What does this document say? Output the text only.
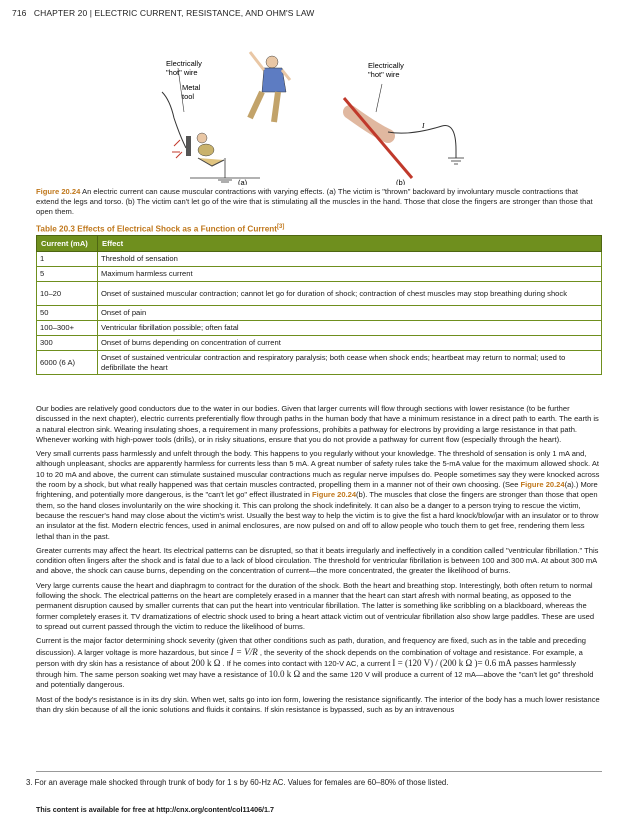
716 CHAPTER 20 | ELECTRIC CURRENT, RESISTANCE, AND OHM'S LAW
Electrically
"hot" wire
Metal
tool
(a)
Electrically
"hot" wire
I
(b)
Figure 20.24 An electric current can cause muscular contractions with varying effects. (a) The victim is "thrown" backward by involuntary muscle contractions that extend the legs and torso. (b) The victim can't let go of the wire that is stimulating all the muscles in the hand. Those that close the fingers are stronger than those that open them.
Table 20.3 Effects of Electrical Shock as a Function of Current[3]
Current (mA)	Effect
1	Threshold of sensation
5	Maximum harmless current
10–20	Onset of sustained muscular contraction; cannot let go for duration of shock; contraction of chest muscles may stop breathing during shock
50	Onset of pain
100–300+	Ventricular fibrillation possible; often fatal
300	Onset of burns depending on concentration of current
6000 (6 A)	Onset of sustained ventricular contraction and respiratory paralysis; both cease when shock ends; heartbeat may return to normal; used to defibrillate the heart

Our bodies are relatively good conductors due to the water in our bodies. Given that larger currents will flow through sections with lower resistance (to be further discussed in the next chapter), electric currents preferentially flow through paths in the human body that have a minimum resistance in a direct path to earth. The earth is a natural electron sink. Wearing insulating shoes, a requirement in many professions, prohibits a pathway for electrons by providing a large resistance in that path. Whenever working with high-power tools (drills), or in risky situations, ensure that you do not provide a pathway for current flow (especially through the heart).

Very small currents pass harmlessly and unfelt through the body. This happens to you regularly without your knowledge. The threshold of sensation is only 1 mA and, although unpleasant, shocks are apparently harmless for currents less than 5 mA. A great number of safety rules take the 5-mA value for the maximum allowed shock. At 10 to 20 mA and above, the current can stimulate sustained muscular contractions much as regular nerve impulses do. People sometimes say they were knocked across the room by a shock, but what really happened was that certain muscles contracted, propelling them in a manner not of their own choosing. (See Figure 20.24(a).) More frightening, and potentially more dangerous, is the "can't let go" effect illustrated in Figure 20.24(b). The muscles that close the fingers are stronger than those that open them, so the hand closes involuntarily on the wire shocking it. This can prolong the shock indefinitely. It can also be a danger to a person trying to rescue the victim, because the rescuer's hand may close about the victim's wrist. Usually the best way to help the victim is to give the fist a hard knock/blow/jar with an insulator or to throw an insulator at the fist. Modern electric fences, used in animal enclosures, are now pulsed on and off to allow people who touch them to get free, rendering them less lethal than in the past.

Greater currents may affect the heart. Its electrical patterns can be disrupted, so that it beats irregularly and ineffectively in a condition called "ventricular fibrillation." This condition often lingers after the shock and is fatal due to a lack of blood circulation. The threshold for ventricular fibrillation is between 100 and 300 mA. At about 300 mA and above, the shock can cause burns, depending on the concentration of current—the more concentrated, the greater the likelihood of burns.

Very large currents cause the heart and diaphragm to contract for the duration of the shock. Both the heart and breathing stop. Interestingly, both often return to normal following the shock. The electrical patterns on the heart are completely erased in a manner that the heart can start afresh with normal beating, as opposed to the permanent disruption caused by smaller currents that can put the heart into ventricular fibrillation. The latter is something like scribbling on a blackboard, whereas the former completely erases it. TV dramatizations of electric shock used to bring a heart attack victim out of ventricular fibrillation also show large paddles. These are used to spread out current passed through the victim to reduce the likelihood of burns.

Current is the major factor determining shock severity (given that other conditions such as path, duration, and frequency are fixed, such as in the table and preceding discussion). A larger voltage is more hazardous, but since I = V/R , the severity of the shock depends on the combination of voltage and resistance. For example, a person with dry skin has a resistance of about 200 k Ω . If he comes into contact with 120-V AC, a current I = (120 V) / (200 k Ω )= 0.6 mA passes harmlessly through him. The same person soaking wet may have a resistance of 10.0 k Ω and the same 120 V will produce a current of 12 mA—above the "can't let go" threshold and potentially dangerous.

Most of the body's resistance is in its dry skin. When wet, salts go into ion form, lowering the resistance significantly. The interior of the body has a much lower resistance than dry skin because of all the ionic solutions and fluids it contains. If skin resistance is bypassed, such as by an intravenous

3. For an average male shocked through trunk of body for 1 s by 60-Hz AC. Values for females are 60–80% of those listed.
This content is available for free at http://cnx.org/content/col11406/1.7
